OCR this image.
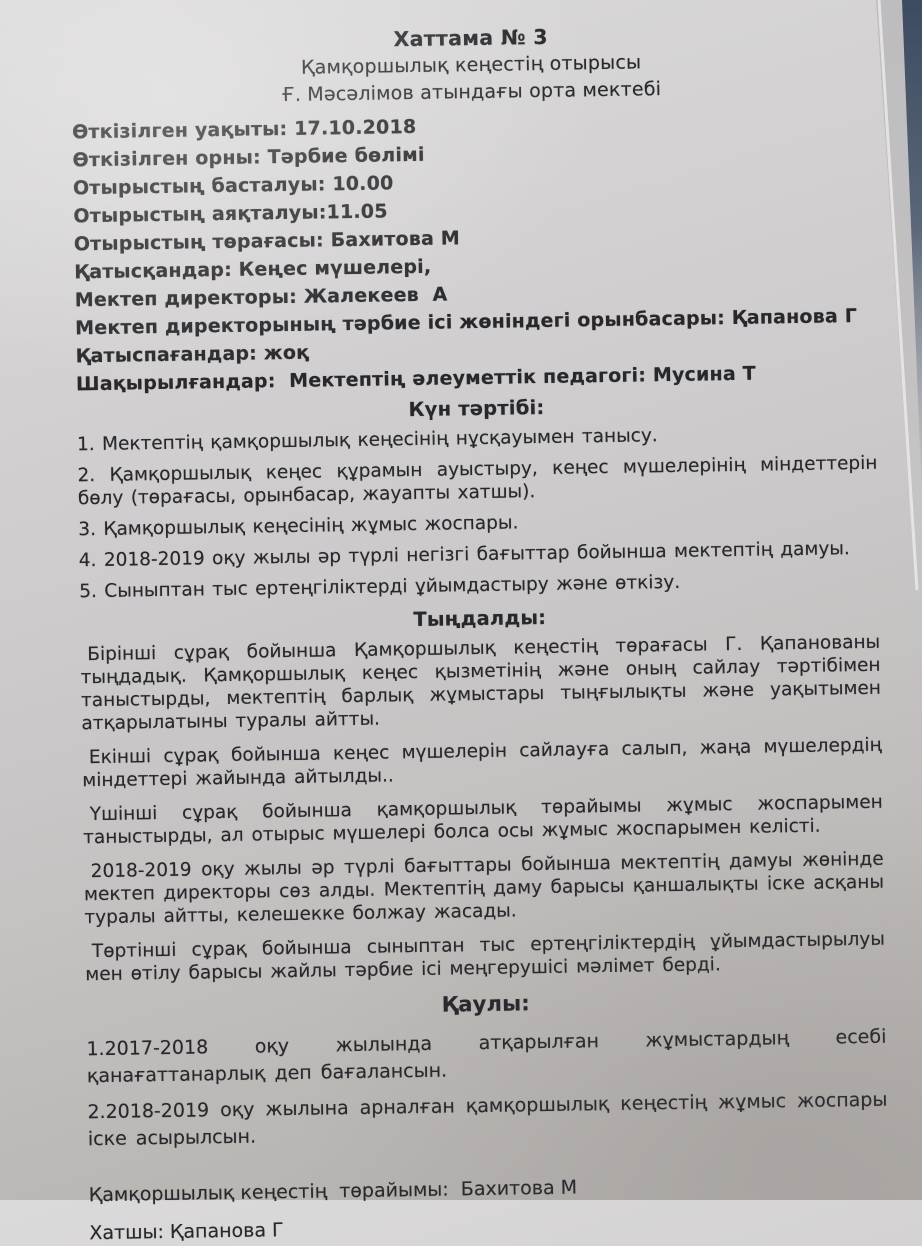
Хаттама № 3
Қамқоршылық кеңестің отырысы
Ғ. Мәсәлімов атындағы орта мектебі
Өткізілген уақыты: 17.10.2018
Өткізілген орны: Тәрбие бөлімі
Отырыстың басталуы: 10.00
Отырыстың аяқталуы:11.05
Отырыстың төрағасы: Бахитова М
Қатысқандар: Кеңес мүшелері,
Мектеп директоры: Жалекеев  А
Мектеп директорының тәрбие ісі жөніндегі орынбасары: Қапанова Г
Қатыспағандар: жоқ
Шақырылғандар:  Мектептің әлеуметтік педагогі: Мусина Т
Күн тәртібі:
1. Мектептің қамқоршылық кеңесінің нұсқауымен танысу.
2. Қамқоршылық кеңес құрамын ауыстыру, кеңес мүшелерінің міндеттерін бөлу (төрағасы, орынбасар, жауапты хатшы).
3. Қамқоршылық кеңесінің жұмыс жоспары.
4. 2018-2019 оқу жылы әр түрлі негізгі бағыттар бойынша мектептің дамуы.
5. Сыныптан тыс ертеңгіліктерді ұйымдастыру және өткізу.
Тыңдалды:
Бірінші сұрақ бойынша Қамқоршылық кеңестің төрағасы Г. Қапанованы тыңдадық. Қамқоршылық кеңес қызметінің және оның сайлау тәртібімен таныстырды, мектептің барлық жұмыстары тыңғылықты және уақытымен атқарылатыны туралы айтты.
Екінші сұрақ бойынша кеңес мүшелерін сайлауға салып, жаңа мүшелердің міндеттері жайында айтылды..
Үшінші сұрақ бойынша қамқоршылық төрайымы жұмыс жоспарымен таныстырды, ал отырыс мүшелері болса осы жұмыс жоспарымен келісті.
2018-2019 оқу жылы әр түрлі бағыттары бойынша мектептің дамуы жөнінде мектеп директоры сөз алды. Мектептің даму барысы қаншалықты іске асқаны туралы айтты, келешекке болжау жасады.
Төртінші сұрақ бойынша сыныптан тыс ертеңгіліктердің ұйымдастырылуы мен өтілу барысы жайлы тәрбие ісі меңгерушісі мәлімет берді.
Қаулы:
1.2017-2018 оқу жылында атқарылған жұмыстардың есебі қанағаттанарлық деп бағалансын.
2.2018-2019 оқу жылына арналған қамқоршылық кеңестің жұмыс жоспары іске асырылсын.
Қамқоршылық кеңестің  төрайымы:  Бахитова М
Хатшы: Қапанова Г
